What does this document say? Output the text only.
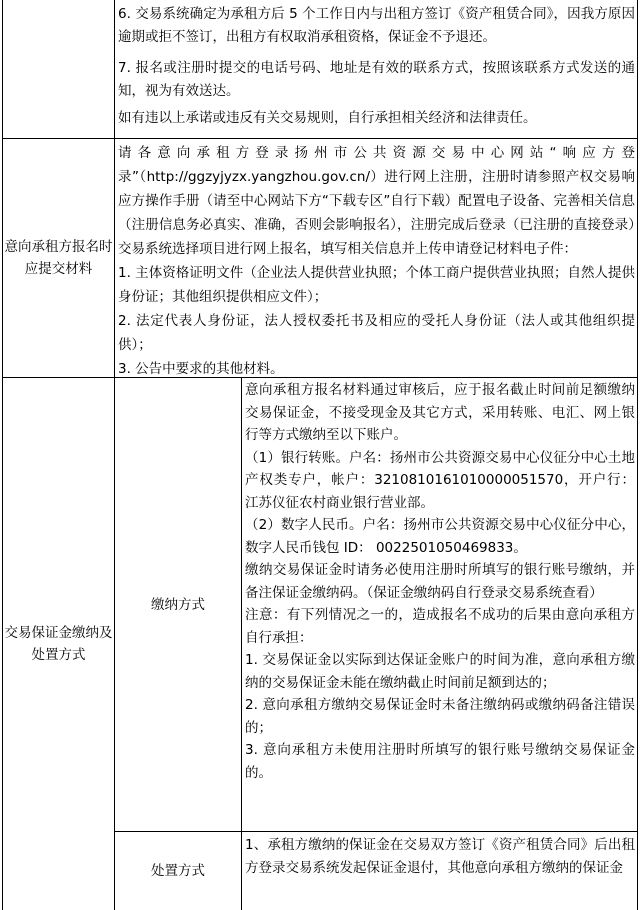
6. 交易系统确定为承租方后 5 个工作日内与出租方签订《资产租赁合同》，因我方原因逾期或拒不签订，出租方有权取消承租资格，保证金不予退还。

7. 报名或注册时提交的电话号码、地址是有效的联系方式，按照该联系方式发送的通知，视为有效送达。

如有违以上承诺或违反有关交易规则，自行承担相关经济和法律责任。

意向承租方报名时
应提交材料

请各意向承租方登录扬州市公共资源交易中心网站“响应方登录”（http://ggzyjyzx.yangzhou.gov.cn/）进行网上注册，注册时请参照产权交易响应方操作手册（请至中心网站下方“下载专区”自行下载）配置电子设备、完善相关信息（注册信息务必真实、准确，否则会影响报名），注册完成后登录（已注册的直接登录）交易系统选择项目进行网上报名，填写相关信息并上传申请登记材料电子件：

1. 主体资格证明文件（企业法人提供营业执照；个体工商户提供营业执照；自然人提供身份证；其他组织提供相应文件）；

2. 法定代表人身份证，法人授权委托书及相应的受托人身份证（法人或其他组织提供）；

3. 公告中要求的其他材料。

交易保证金缴纳及
处置方式
缴纳方式

意向承租方报名材料通过审核后，应于报名截止时间前足额缴纳交易保证金，不接受现金及其它方式，采用转账、电汇、网上银行等方式缴纳至以下账户。

（1）银行转账。户名：扬州市公共资源交易中心仪征分中心土地产权类专户，帐户：3210810161010000051570，开户行：江苏仪征农村商业银行营业部。

（2）数字人民币。户名：扬州市公共资源交易中心仪征分中心，数字人民币钱包 ID： 0022501050469833。

缴纳交易保证金时请务必使用注册时所填写的银行账号缴纳，并备注保证金缴纳码。（保证金缴纳码自行登录交易系统查看）

注意：有下列情况之一的，造成报名不成功的后果由意向承租方自行承担：

1. 交易保证金以实际到达保证金账户的时间为准，意向承租方缴纳的交易保证金未能在缴纳截止时间前足额到达的；

2. 意向承租方缴纳交易保证金时未备注缴纳码或缴纳码备注错误的；

3. 意向承租方未使用注册时所填写的银行账号缴纳交易保证金的。

处置方式

1、承租方缴纳的保证金在交易双方签订《资产租赁合同》后出租方登录交易系统发起保证金退付，其他意向承租方缴纳的保证金
